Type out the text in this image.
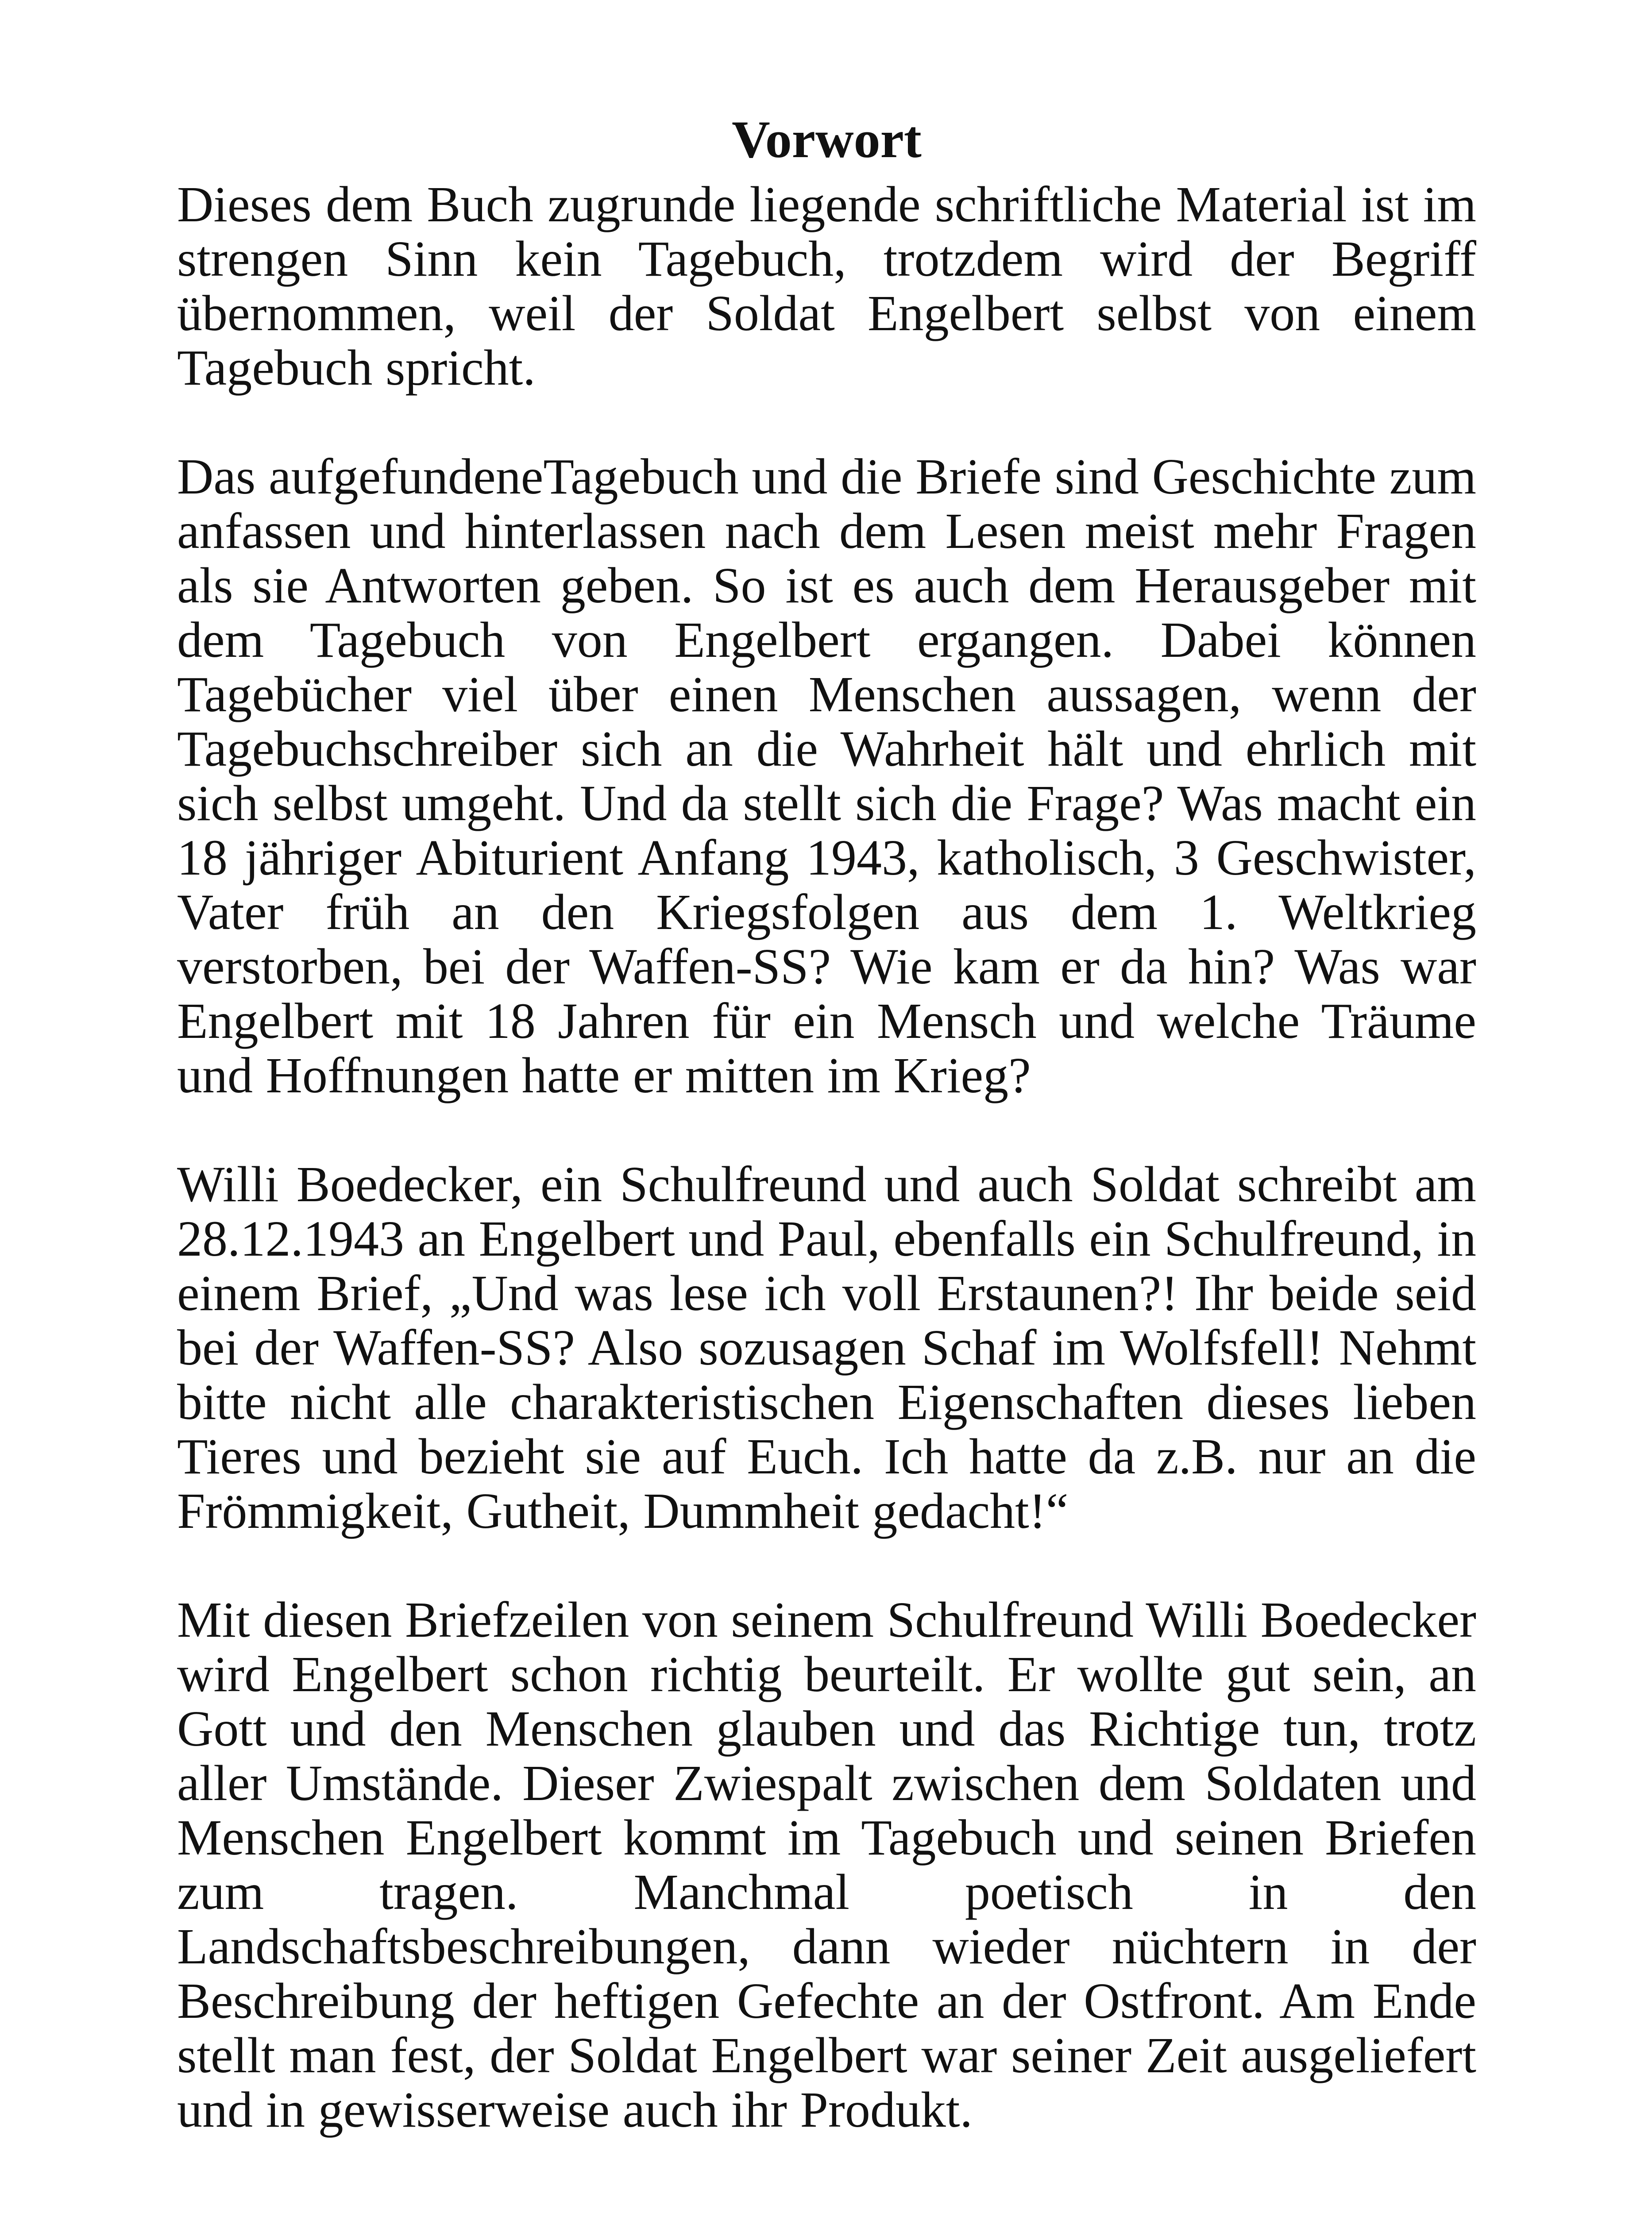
Vorwort

Dieses dem Buch zugrunde liegende schriftliche Material ist im strengen Sinn kein Tagebuch, trotzdem wird der Begriff übernommen, weil der Soldat Engelbert selbst von einem Tagebuch spricht.

Das aufgefundeneTagebuch und die Briefe sind Geschichte zum anfassen und hinterlassen nach dem Lesen meist mehr Fragen als sie Antworten geben. So ist es auch dem Herausgeber mit dem Tagebuch von Engelbert ergangen. Dabei können Tagebücher viel über einen Menschen aussagen, wenn der Tagebuchschreiber sich an die Wahrheit hält und ehrlich mit sich selbst umgeht. Und da stellt sich die Frage? Was macht ein 18 jähriger Abiturient Anfang 1943, katholisch, 3 Geschwister, Vater früh an den Kriegsfolgen aus dem 1. Weltkrieg verstorben, bei der Waffen-SS? Wie kam er da hin? Was war Engelbert mit 18 Jahren für ein Mensch und welche Träume und Hoffnungen hatte er mitten im Krieg?

Willi Boedecker, ein Schulfreund und auch Soldat schreibt am 28.12.1943 an Engelbert und Paul, ebenfalls ein Schulfreund, in einem Brief, „Und was lese ich voll Erstaunen?! Ihr beide seid bei der Waffen-SS? Also sozusagen Schaf im Wolfsfell! Nehmt bitte nicht alle charakteristischen Eigenschaften dieses lieben Tieres und bezieht sie auf Euch. Ich hatte da z.B. nur an die Frömmigkeit, Gutheit, Dummheit gedacht!“

Mit diesen Briefzeilen von seinem Schulfreund Willi Boedecker wird Engelbert schon richtig beurteilt. Er wollte gut sein, an Gott und den Menschen glauben und das Richtige tun, trotz aller Umstände. Dieser Zwiespalt zwischen dem Soldaten und Menschen Engelbert kommt im Tagebuch und seinen Briefen zum tragen. Manchmal poetisch in den Landschaftsbeschreibungen, dann wieder nüchtern in der Beschreibung der heftigen Gefechte an der Ostfront. Am Ende stellt man fest, der Soldat Engelbert war seiner Zeit ausgeliefert und in gewisserweise auch ihr Produkt.
